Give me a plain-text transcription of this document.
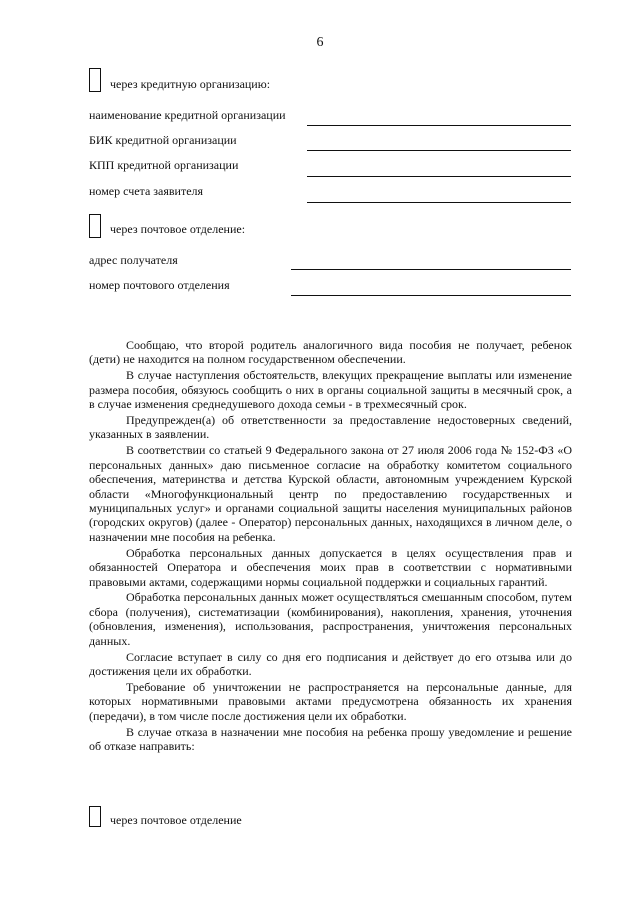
6
через кредитную организацию:
наименование кредитной организации
БИК кредитной организации
КПП кредитной организации
номер счета заявителя
через почтовое отделение:
адрес получателя
номер почтового отделения

Сообщаю, что второй родитель аналогичного вида пособия не получает, ребенок (дети) не находится на полном государственном обеспечении.

В случае наступления обстоятельств, влекущих прекращение выплаты или изменение размера пособия, обязуюсь сообщить о них в органы социальной защиты в месячный срок, а в случае изменения среднедушевого дохода семьи - в трехмесячный срок.

Предупрежден(а) об ответственности за предоставление недостоверных сведений, указанных в заявлении.

В соответствии со статьей 9 Федерального закона от 27 июля 2006 года № 152-ФЗ «О персональных данных» даю письменное согласие на обработку комитетом социального обеспечения, материнства и детства Курской области, автономным учреждением Курской области «Многофункциональный центр по предоставлению государственных и муниципальных услуг» и органами социальной защиты населения муниципальных районов (городских округов) (далее - Оператор) персональных данных, находящихся в личном деле, о назначении мне пособия на ребенка.

Обработка персональных данных допускается в целях осуществления прав и обязанностей Оператора и обеспечения моих прав в соответствии с нормативными правовыми актами, содержащими нормы социальной поддержки и социальных гарантий.

Обработка персональных данных может осуществляться смешанным способом, путем сбора (получения), систематизации (комбинирования), накопления, хранения, уточнения (обновления, изменения), использования, распространения, уничтожения персональных данных.

Согласие вступает в силу со дня его подписания и действует до его отзыва или до достижения цели их обработки.

Требование об уничтожении не распространяется на персональные данные, для которых нормативными правовыми актами предусмотрена обязанность их хранения (передачи), в том числе после достижения цели их обработки.

В случае отказа в назначении мне пособия на ребенка прошу уведомление и решение об отказе направить:

через почтовое отделение
